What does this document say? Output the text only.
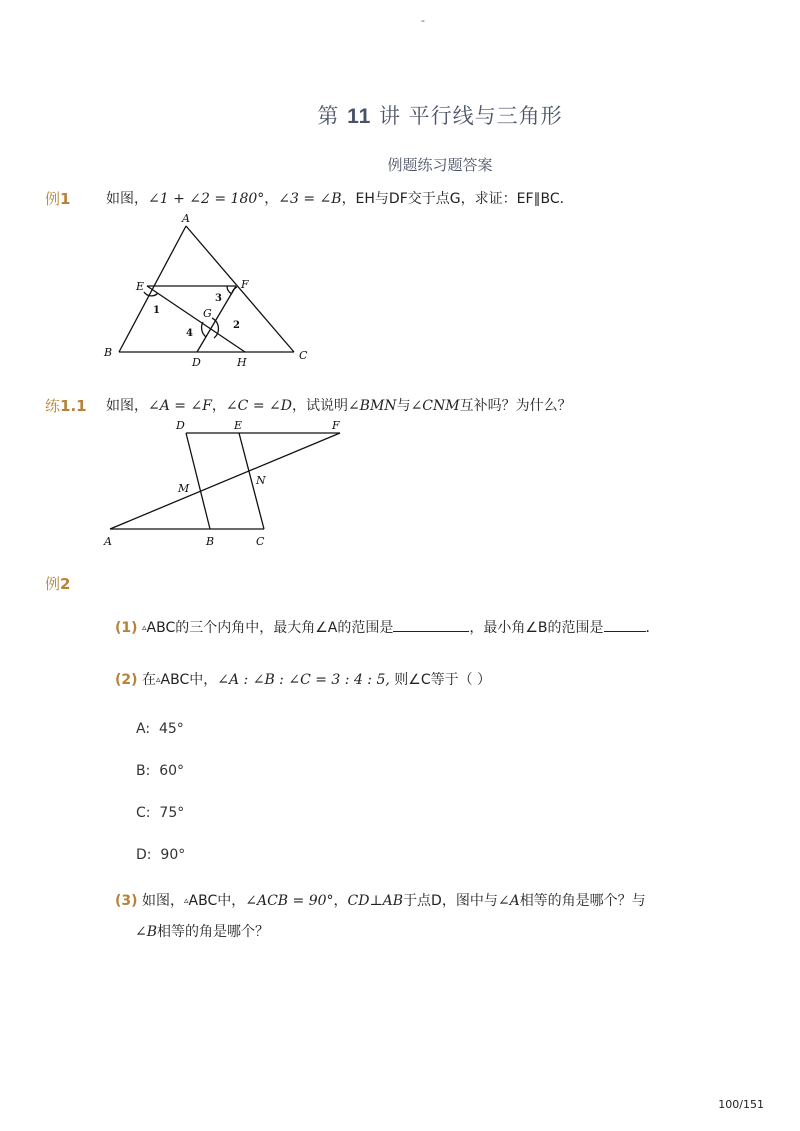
-
第 11 讲 平行线与三角形
例题练习题答案
例1	如图，∠1 + ∠2 = 180°，∠3 = ∠B，EH与DF交于点G，求证：EF∥BC．
A
E	F
G
B
D	H
C
1
2
3
4
练1.1 如图，∠A = ∠F，∠C = ∠D，试说明∠BMN与∠CNM互补吗？为什么？
D	E	F
M
N
A	B	C
例2
(1) ▵ABC的三个内角中，最大角∠A的范围是	，最小角∠B的范围是	．
(2) 在▵ABC中，∠A : ∠B : ∠C = 3 : 4 : 5, 则∠C等于（ ）
A: 45°
B: 60°
C: 75°
D: 90°
(3) 如图，▵ABC中，∠ACB = 90°，CD⊥AB于点D，图中与∠A相等的角是哪个？与
∠B相等的角是哪个？
100/151
